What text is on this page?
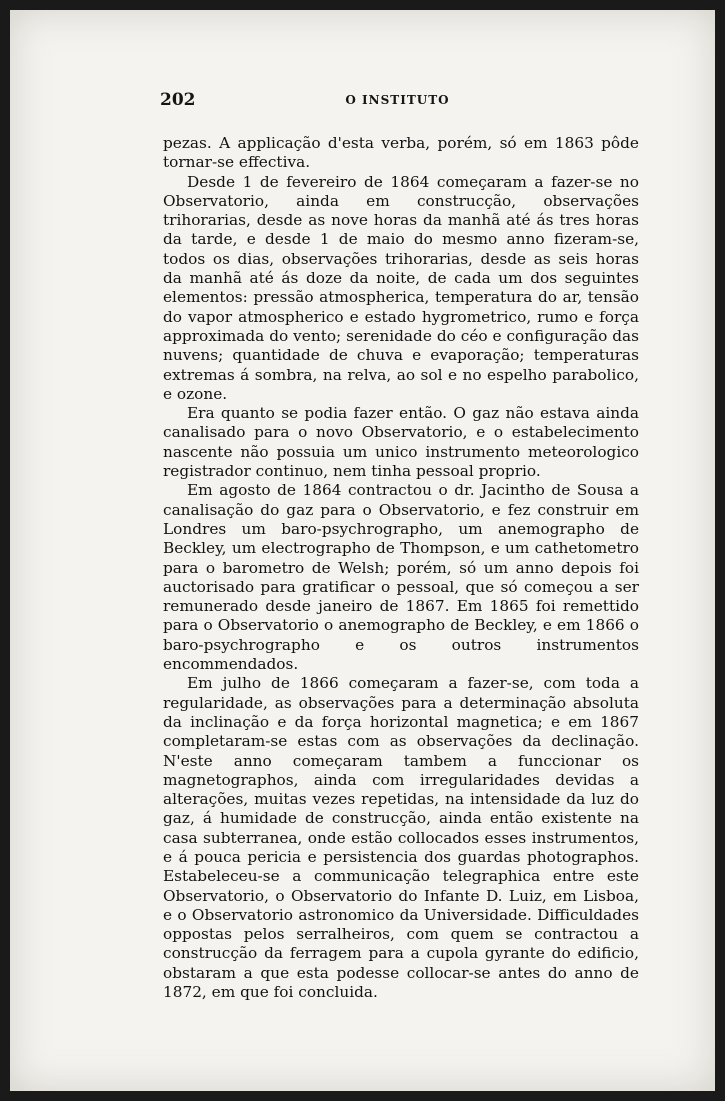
202	O INSTITUTO

pezas. A applicação d'esta verba, porém, só em 1863 pôde tornar-se effectiva.

Desde 1 de fevereiro de 1864 começaram a fazer-se no Observatorio, ainda em construcção, observações trihorarias, desde as nove horas da manhã até ás tres horas da tarde, e desde 1 de maio do mesmo anno fizeram-se, todos os dias, observações trihorarias, desde as seis horas da manhã até ás doze da noite, de cada um dos seguintes elementos: pressão atmospherica, temperatura do ar, tensão do vapor atmospherico e estado hygrometrico, rumo e força approximada do vento; serenidade do céo e configuração das nuvens; quantidade de chuva e evaporação; temperaturas extremas á sombra, na relva, ao sol e no espelho parabolico, e ozone.

Era quanto se podia fazer então. O gaz não estava ainda canalisado para o novo Observatorio, e o estabelecimento nascente não possuia um unico instrumento meteorologico registrador continuo, nem tinha pessoal proprio.

Em agosto de 1864 contractou o dr. Jacintho de Sousa a canalisação do gaz para o Observatorio, e fez construir em Londres um baro-psychrographo, um anemographo de Beckley, um electrographo de Thompson, e um cathetometro para o barometro de Welsh; porém, só um anno depois foi auctorisado para gratificar o pessoal, que só começou a ser remunerado desde janeiro de 1867. Em 1865 foi remettido para o Observatorio o anemographo de Beckley, e em 1866 o baro-psychrographo e os outros instrumentos encommendados.

Em julho de 1866 começaram a fazer-se, com toda a regularidade, as observações para a determinação absoluta da inclinação e da força horizontal magnetica; e em 1867 completaram-se estas com as observações da declinação. N'este anno começaram tambem a funccionar os magnetographos, ainda com irregularidades devidas a alterações, muitas vezes repetidas, na intensidade da luz do gaz, á humidade de construcção, ainda então existente na casa subterranea, onde estão collocados esses instrumentos, e á pouca pericia e persistencia dos guardas photographos. Estabeleceu-se a communicação telegraphica entre este Observatorio, o Observatorio do Infante D. Luiz, em Lisboa, e o Observatorio astronomico da Universidade. Difficuldades oppostas pelos serralheiros, com quem se contractou a construcção da ferragem para a cupola gyrante do edificio, obstaram a que esta podesse collocar-se antes do anno de 1872, em que foi concluida.
